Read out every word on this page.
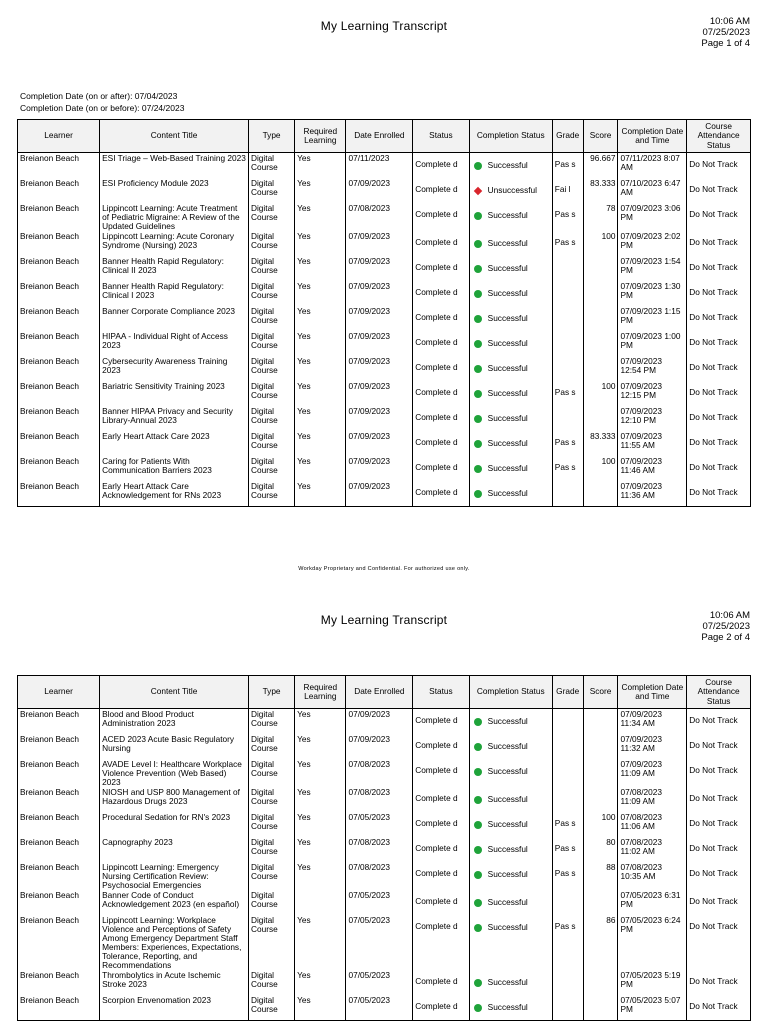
My Learning Transcript	10:06 AM
07/25/2023
Page 1 of 4
Completion Date (on or after): 07/04/2023
Completion Date (on or before): 07/24/2023
Learner	Content Title	Type	Required Learning	Date Enrolled	Status	Completion Status	Grade	Score	Completion Date and Time	Course Attendance Status
Breianon Beach	ESI Triage – Web-Based Training 2023	Digital Course	Yes	07/11/2023	Complete d	Successful	Pas s	96.667	07/11/2023 8:07 AM	Do Not Track

Breianon Beach	ESI Proficiency Module 2023	Digital Course	Yes	07/09/2023	Complete d	Unsuccessful	Fai l	83.333	07/10/2023 6:47 AM	Do Not Track

Breianon Beach	Lippincott Learning: Acute Treatment of Pediatric Migraine: A Review of the Updated Guidelines	Digital Course	Yes	07/08/2023	Complete d	Successful	Pas s	78	07/09/2023 3:06 PM	Do Not Track

Breianon Beach	Lippincott Learning: Acute Coronary Syndrome (Nursing) 2023	Digital Course	Yes	07/09/2023	Complete d	Successful	Pas s	100	07/09/2023 2:02 PM	Do Not Track

Breianon Beach	Banner Health Rapid Regulatory: Clinical II 2023	Digital Course	Yes	07/09/2023	Complete d	Successful			07/09/2023 1:54 PM	Do Not Track

Breianon Beach	Banner Health Rapid Regulatory: Clinical I 2023	Digital Course	Yes	07/09/2023	Complete d	Successful			07/09/2023 1:30 PM	Do Not Track

Breianon Beach	Banner Corporate Compliance 2023	Digital Course	Yes	07/09/2023	Complete d	Successful			07/09/2023 1:15 PM	Do Not Track

Breianon Beach	HIPAA - Individual Right of Access 2023	Digital Course	Yes	07/09/2023	Complete d	Successful			07/09/2023 1:00 PM	Do Not Track

Breianon Beach	Cybersecurity Awareness Training 2023	Digital Course	Yes	07/09/2023	Complete d	Successful			07/09/2023 12:54 PM	Do Not Track

Breianon Beach	Bariatric Sensitivity Training 2023	Digital Course	Yes	07/09/2023	Complete d	Successful	Pas s	100	07/09/2023 12:15 PM	Do Not Track

Breianon Beach	Banner HIPAA Privacy and Security Library-Annual 2023	Digital Course	Yes	07/09/2023	Complete d	Successful			07/09/2023 12:10 PM	Do Not Track

Breianon Beach	Early Heart Attack Care 2023	Digital Course	Yes	07/09/2023	Complete d	Successful	Pas s	83.333	07/09/2023 11:55 AM	Do Not Track

Breianon Beach	Caring for Patients With Communication Barriers 2023	Digital Course	Yes	07/09/2023	Complete d	Successful	Pas s	100	07/09/2023 11:46 AM	Do Not Track

Breianon Beach	Early Heart Attack Care Acknowledgement for RNs 2023	Digital Course	Yes	07/09/2023	Complete d	Successful			07/09/2023 11:36 AM	Do Not Track
Workday Proprietary and Confidential. For authorized use only.
My Learning Transcript	10:06 AM
07/25/2023
Page 2 of 4
Learner	Content Title	Type	Required Learning	Date Enrolled	Status	Completion Status	Grade	Score	Completion Date and Time	Course Attendance Status
Breianon Beach	Blood and Blood Product Administration 2023	Digital Course	Yes	07/09/2023	Complete d	Successful			07/09/2023 11:34 AM	Do Not Track

Breianon Beach	ACED 2023 Acute Basic Regulatory Nursing	Digital Course	Yes	07/09/2023	Complete d	Successful			07/09/2023 11:32 AM	Do Not Track

Breianon Beach	AVADE Level I: Healthcare Workplace Violence Prevention (Web Based) 2023	Digital Course	Yes	07/08/2023	Complete d	Successful			07/09/2023 11:09 AM	Do Not Track

Breianon Beach	NIOSH and USP 800 Management of Hazardous Drugs 2023	Digital Course	Yes	07/08/2023	Complete d	Successful			07/08/2023 11:09 AM	Do Not Track

Breianon Beach	Procedural Sedation for RN's 2023	Digital Course	Yes	07/05/2023	Complete d	Successful	Pas s	100	07/08/2023 11:06 AM	Do Not Track

Breianon Beach	Capnography 2023	Digital Course	Yes	07/08/2023	Complete d	Successful	Pas s	80	07/08/2023 11:02 AM	Do Not Track

Breianon Beach	Lippincott Learning: Emergency Nursing Certification Review: Psychosocial Emergencies	Digital Course	Yes	07/08/2023	Complete d	Successful	Pas s	88	07/08/2023 10:35 AM	Do Not Track

Breianon Beach	Banner Code of Conduct Acknowledgement 2023 (en español)	Digital Course		07/05/2023	Complete d	Successful			07/05/2023 6:31 PM	Do Not Track

Breianon Beach	Lippincott Learning: Workplace Violence and Perceptions of Safety Among Emergency Department Staff Members: Experiences, Expectations, Tolerance, Reporting, and Recommendations	Digital Course	Yes	07/05/2023	Complete d	Successful	Pas s	86	07/05/2023 6:24 PM	Do Not Track

Breianon Beach	Thrombolytics in Acute Ischemic Stroke 2023	Digital Course	Yes	07/05/2023	Complete d	Successful			07/05/2023 5:19 PM	Do Not Track

Breianon Beach	Scorpion Envenomation 2023	Digital Course	Yes	07/05/2023	Complete d	Successful			07/05/2023 5:07 PM	Do Not Track
